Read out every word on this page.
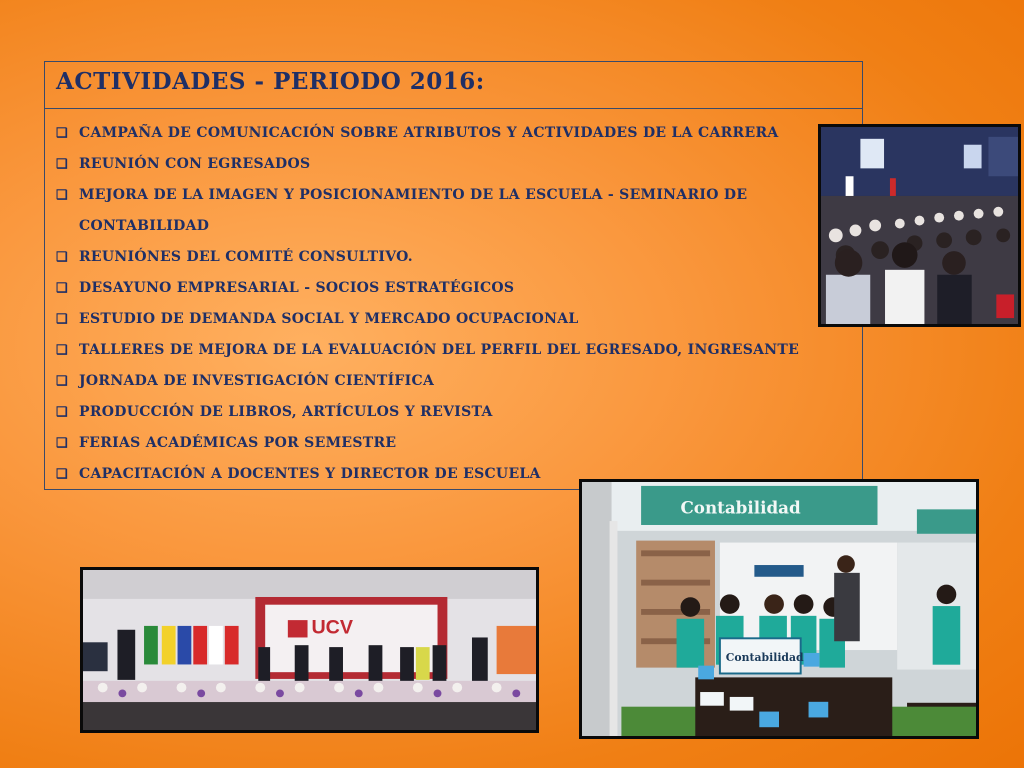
ACTIVIDADES - PERIODO 2016:
❏ CAMPAÑA DE COMUNICACIÓN SOBRE ATRIBUTOS Y ACTIVIDADES DE LA CARRERA
❏ REUNIÓN CON EGRESADOS
❏ MEJORA DE LA IMAGEN Y POSICIONAMIENTO DE LA ESCUELA - SEMINARIO DE CONTABILIDAD
❏ REUNIÓNES DEL COMITÉ CONSULTIVO.
❏ DESAYUNO EMPRESARIAL - SOCIOS ESTRATÉGICOS
❏ ESTUDIO DE DEMANDA SOCIAL Y MERCADO OCUPACIONAL
❏ TALLERES DE MEJORA DE LA EVALUACIÓN DEL PERFIL DEL EGRESADO, INGRESANTE
❏ JORNADA DE INVESTIGACIÓN CIENTÍFICA
❏ PRODUCCIÓN DE LIBROS, ARTÍCULOS Y REVISTA
❏ FERIAS ACADÉMICAS POR SEMESTRE
❏ CAPACITACIÓN A DOCENTES Y DIRECTOR DE ESCUELA
UCV
Contabilidad
Contabilidad
